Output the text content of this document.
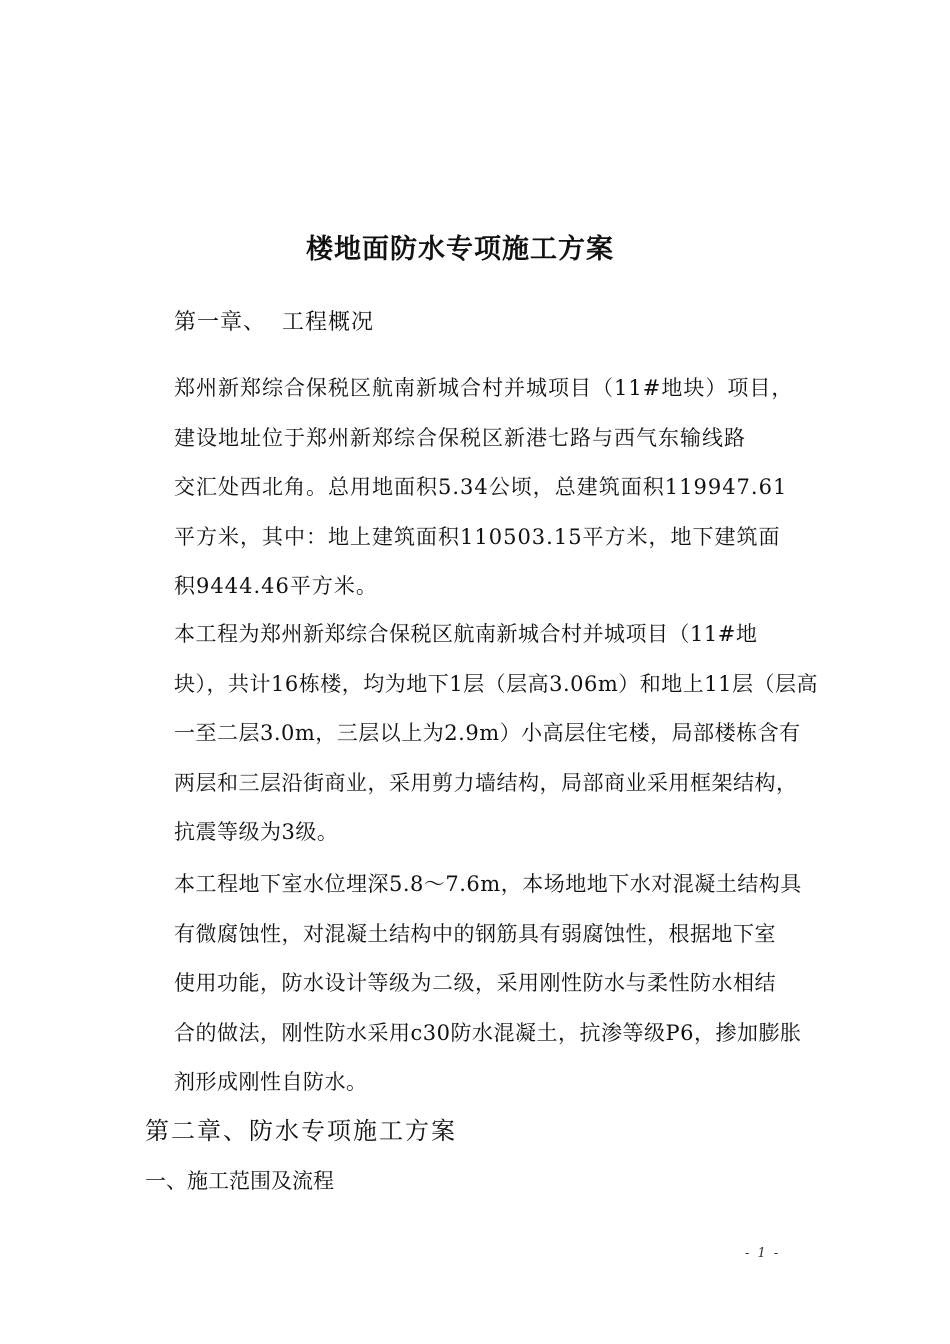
楼地面防水专项施工方案
第一章、  工程概况

郑州新郑综合保税区航南新城合村并城项目（11#地块）项目，
建设地址位于郑州新郑综合保税区新港七路与西气东输线路
交汇处西北角。总用地面积5.34公顷，总建筑面积119947.61
平方米，其中：地上建筑面积110503.15平方米，地下建筑面
积9444.46平方米。

本工程为郑州新郑综合保税区航南新城合村并城项目（11#地
块），共计16栋楼，均为地下1层（层高3.06m）和地上11层（层高
一至二层3.0m，三层以上为2.9m）小高层住宅楼，局部楼栋含有
两层和三层沿街商业，采用剪力墙结构，局部商业采用框架结构，
抗震等级为3级。

本工程地下室水位埋深5.8～7.6m，本场地地下水对混凝土结构具
有微腐蚀性，对混凝土结构中的钢筋具有弱腐蚀性，根据地下室
使用功能，防水设计等级为二级，采用刚性防水与柔性防水相结
合的做法，刚性防水采用c30防水混凝土，抗渗等级P6，掺加膨胀
剂形成刚性自防水。

第二章、防水专项施工方案
一、施工范围及流程
- 1 -
